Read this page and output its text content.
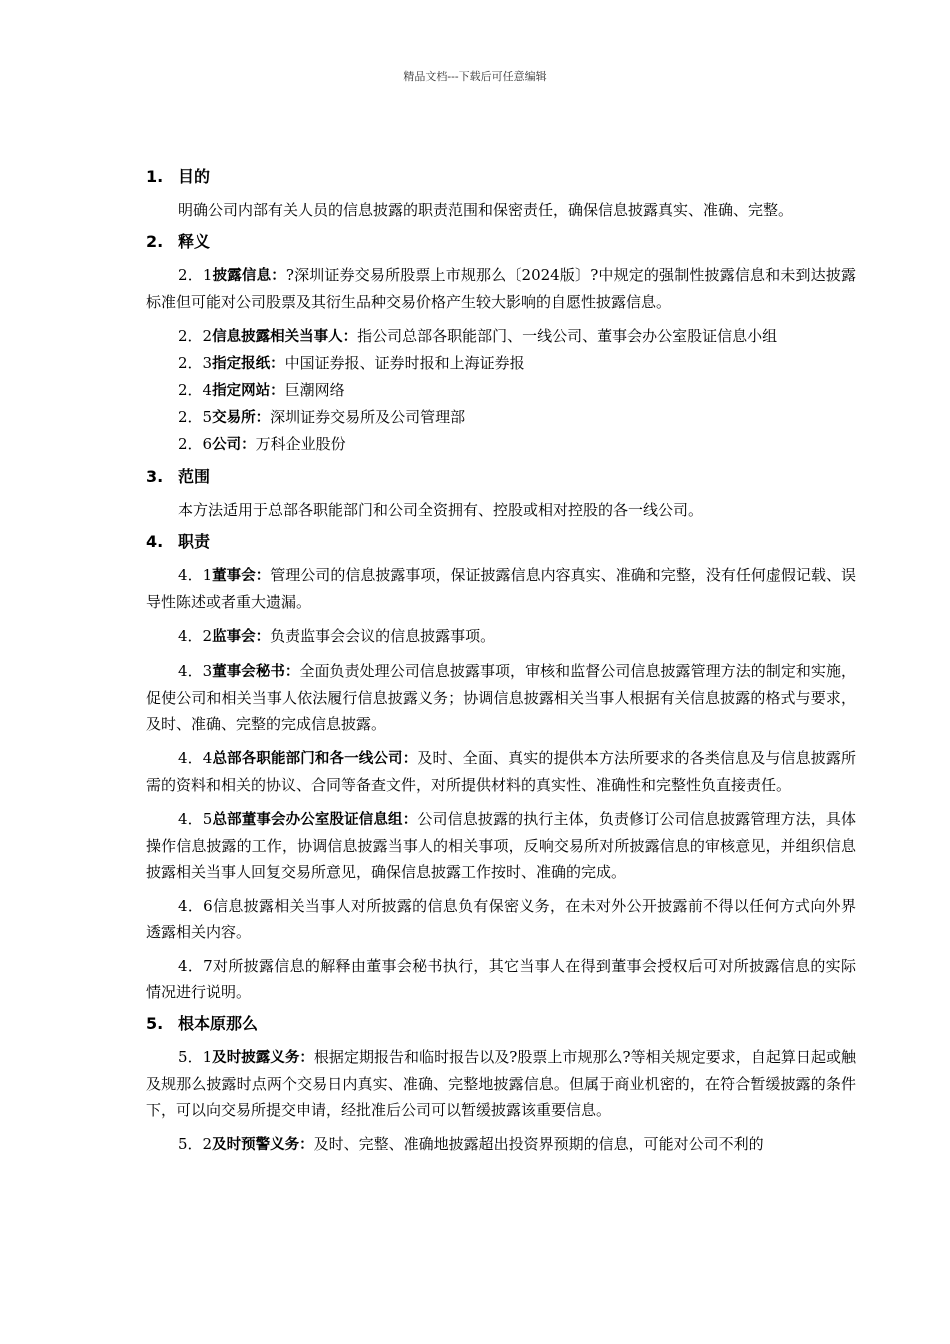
精品文档---下载后可任意编辑
1. 目的

明确公司内部有关人员的信息披露的职责范围和保密责任，确保信息披露真实、准确、完整。

2. 释义

2．1披露信息：?深圳证券交易所股票上市规那么〔2024版〕?中规定的强制性披露信息和未到达披露标准但可能对公司股票及其衍生品种交易价格产生较大影响的自愿性披露信息。

2．2信息披露相关当事人：指公司总部各职能部门、一线公司、董事会办公室股证信息小组

2．3指定报纸：中国证券报、证券时报和上海证券报

2．4指定网站：巨潮网络

2．5交易所：深圳证券交易所及公司管理部

2．6公司：万科企业股份

3. 范围

本方法适用于总部各职能部门和公司全资拥有、控股或相对控股的各一线公司。

4. 职责

4．1董事会：管理公司的信息披露事项，保证披露信息内容真实、准确和完整，没有任何虚假记载、误导性陈述或者重大遗漏。

4．2监事会：负责监事会会议的信息披露事项。

4．3董事会秘书：全面负责处理公司信息披露事项，审核和监督公司信息披露管理方法的制定和实施，促使公司和相关当事人依法履行信息披露义务；协调信息披露相关当事人根据有关信息披露的格式与要求，及时、准确、完整的完成信息披露。

4．4总部各职能部门和各一线公司：及时、全面、真实的提供本方法所要求的各类信息及与信息披露所需的资料和相关的协议、合同等备查文件，对所提供材料的真实性、准确性和完整性负直接责任。

4．5总部董事会办公室股证信息组：公司信息披露的执行主体，负责修订公司信息披露管理方法，具体操作信息披露的工作，协调信息披露当事人的相关事项，反响交易所对所披露信息的审核意见，并组织信息披露相关当事人回复交易所意见，确保信息披露工作按时、准确的完成。

4．6信息披露相关当事人对所披露的信息负有保密义务，在未对外公开披露前不得以任何方式向外界透露相关内容。

4．7对所披露信息的解释由董事会秘书执行，其它当事人在得到董事会授权后可对所披露信息的实际情况进行说明。

5. 根本原那么

5．1及时披露义务：根据定期报告和临时报告以及?股票上市规那么?等相关规定要求，自起算日起或触及规那么披露时点两个交易日内真实、准确、完整地披露信息。但属于商业机密的，在符合暂缓披露的条件下，可以向交易所提交申请，经批准后公司可以暂缓披露该重要信息。

5．2及时预警义务：及时、完整、准确地披露超出投资界预期的信息，可能对公司不利的
